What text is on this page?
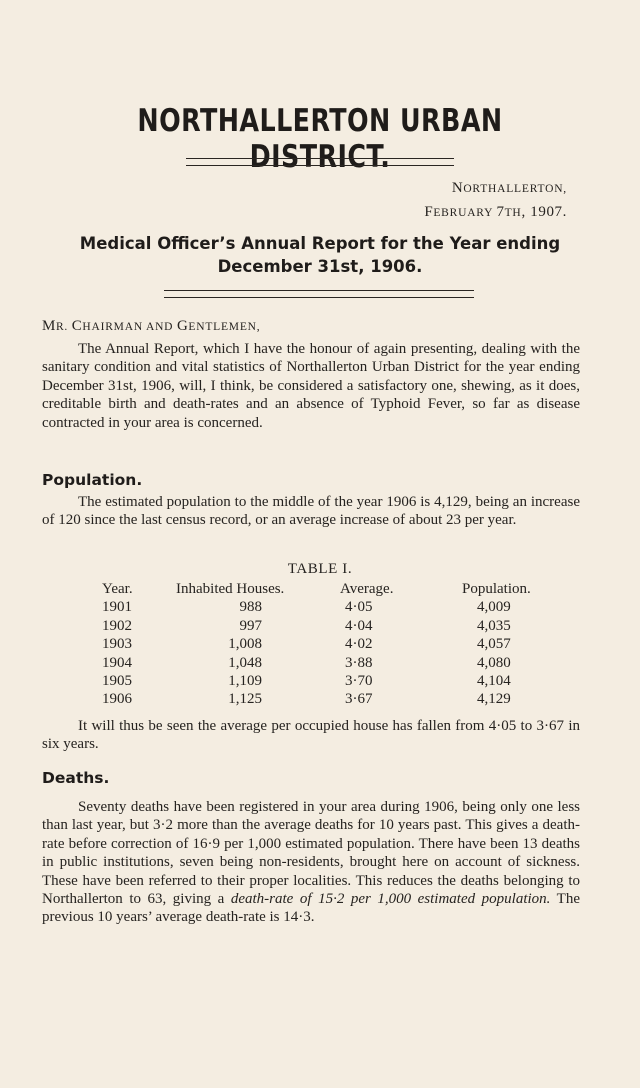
NORTHALLERTON URBAN DISTRICT.
NORTHALLERTON,
FEBRUARY 7TH, 1907.
Medical Officer’s Annual Report for the Year ending
December 31st, 1906.
MR. CHAIRMAN AND GENTLEMEN,

The Annual Report, which I have the honour of again presenting, dealing with the sanitary condition and vital statistics of Northallerton Urban District for the year ending December 31st, 1906, will, I think, be considered a satisfactory one, shewing, as it does, creditable birth and death-rates and an absence of Typhoid Fever, so far as disease contracted in your area is concerned.

Population.

The estimated population to the middle of the year 1906 is 4,129, being an increase of 120 since the last census record, or an average increase of about 23 per year.

TABLE I.
Year.	Inhabited Houses.	Average.	Population.
1901	988	4·05	4,009
1902	997	4·04	4,035
1903	1,008	4·02	4,057
1904	1,048	3·88	4,080
1905	1,109	3·70	4,104
1906	1,125	3·67	4,129

It will thus be seen the average per occupied house has fallen from 4·05 to 3·67 in six years.

Deaths.

Seventy deaths have been registered in your area during 1906, being only one less than last year, but 3·2 more than the average deaths for 10 years past. This gives a death-rate before correction of 16·9 per 1,000 estimated population. There have been 13 deaths in public institutions, seven being non-residents, brought here on account of sickness. These have been referred to their proper localities. This reduces the deaths belonging to Northallerton to 63, giving a death-rate of 15·2 per 1,000 estimated population. The previous 10 years’ average death-rate is 14·3.
